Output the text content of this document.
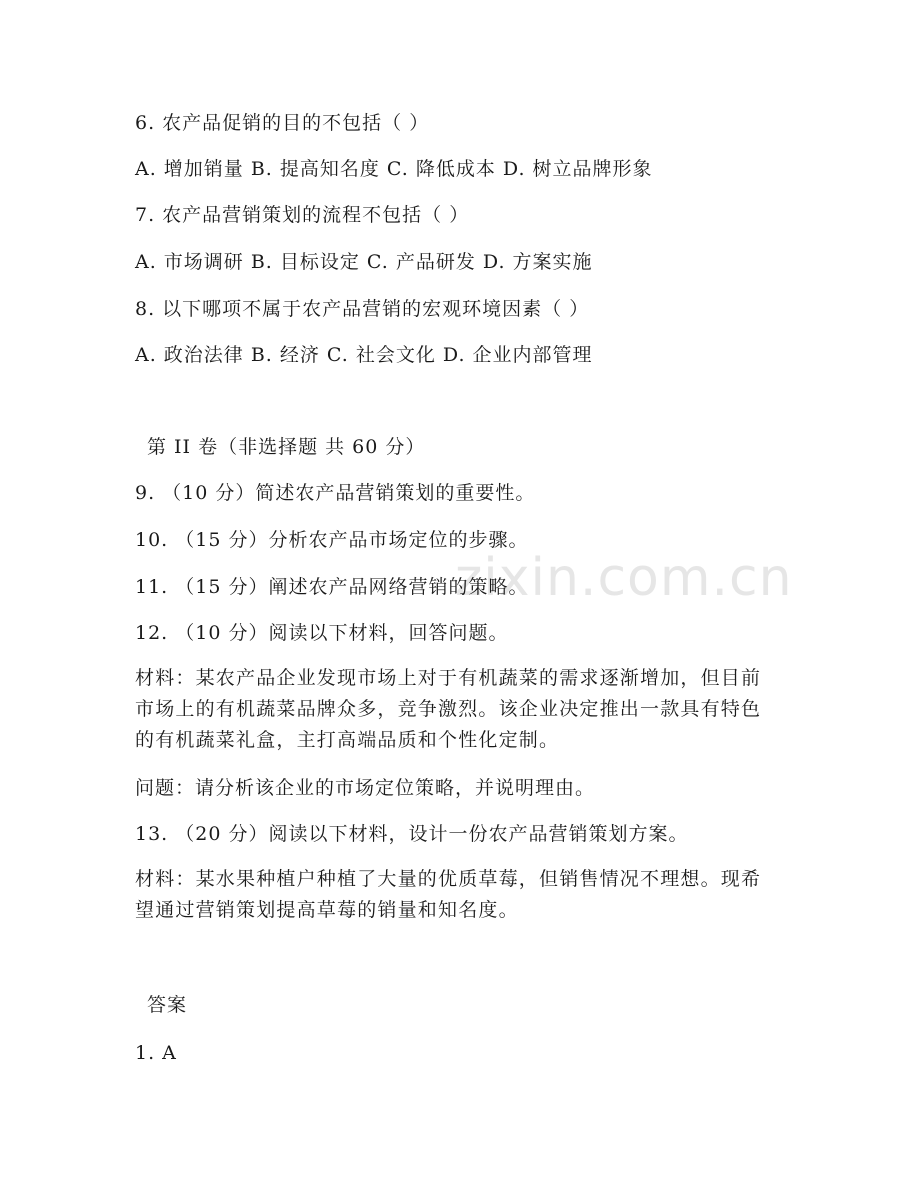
zixin.com.cn
6. 农产品促销的目的不包括（ ）
A. 增加销量 B. 提高知名度 C. 降低成本 D. 树立品牌形象
7. 农产品营销策划的流程不包括（ ）
A. 市场调研 B. 目标设定 C. 产品研发 D. 方案实施
8. 以下哪项不属于农产品营销的宏观环境因素（ ）
A. 政治法律 B. 经济 C. 社会文化 D. 企业内部管理
第 II 卷（非选择题 共 60 分）
9. （10 分）简述农产品营销策划的重要性。
10. （15 分）分析农产品市场定位的步骤。
11. （15 分）阐述农产品网络营销的策略。
12. （10 分）阅读以下材料，回答问题。
材料：某农产品企业发现市场上对于有机蔬菜的需求逐渐增加，但目前市场上的有机蔬菜品牌众多，竞争激烈。该企业决定推出一款具有特色的有机蔬菜礼盒，主打高端品质和个性化定制。
问题：请分析该企业的市场定位策略，并说明理由。
13. （20 分）阅读以下材料，设计一份农产品营销策划方案。
材料：某水果种植户种植了大量的优质草莓，但销售情况不理想。现希望通过营销策划提高草莓的销量和知名度。
答案
1. A
